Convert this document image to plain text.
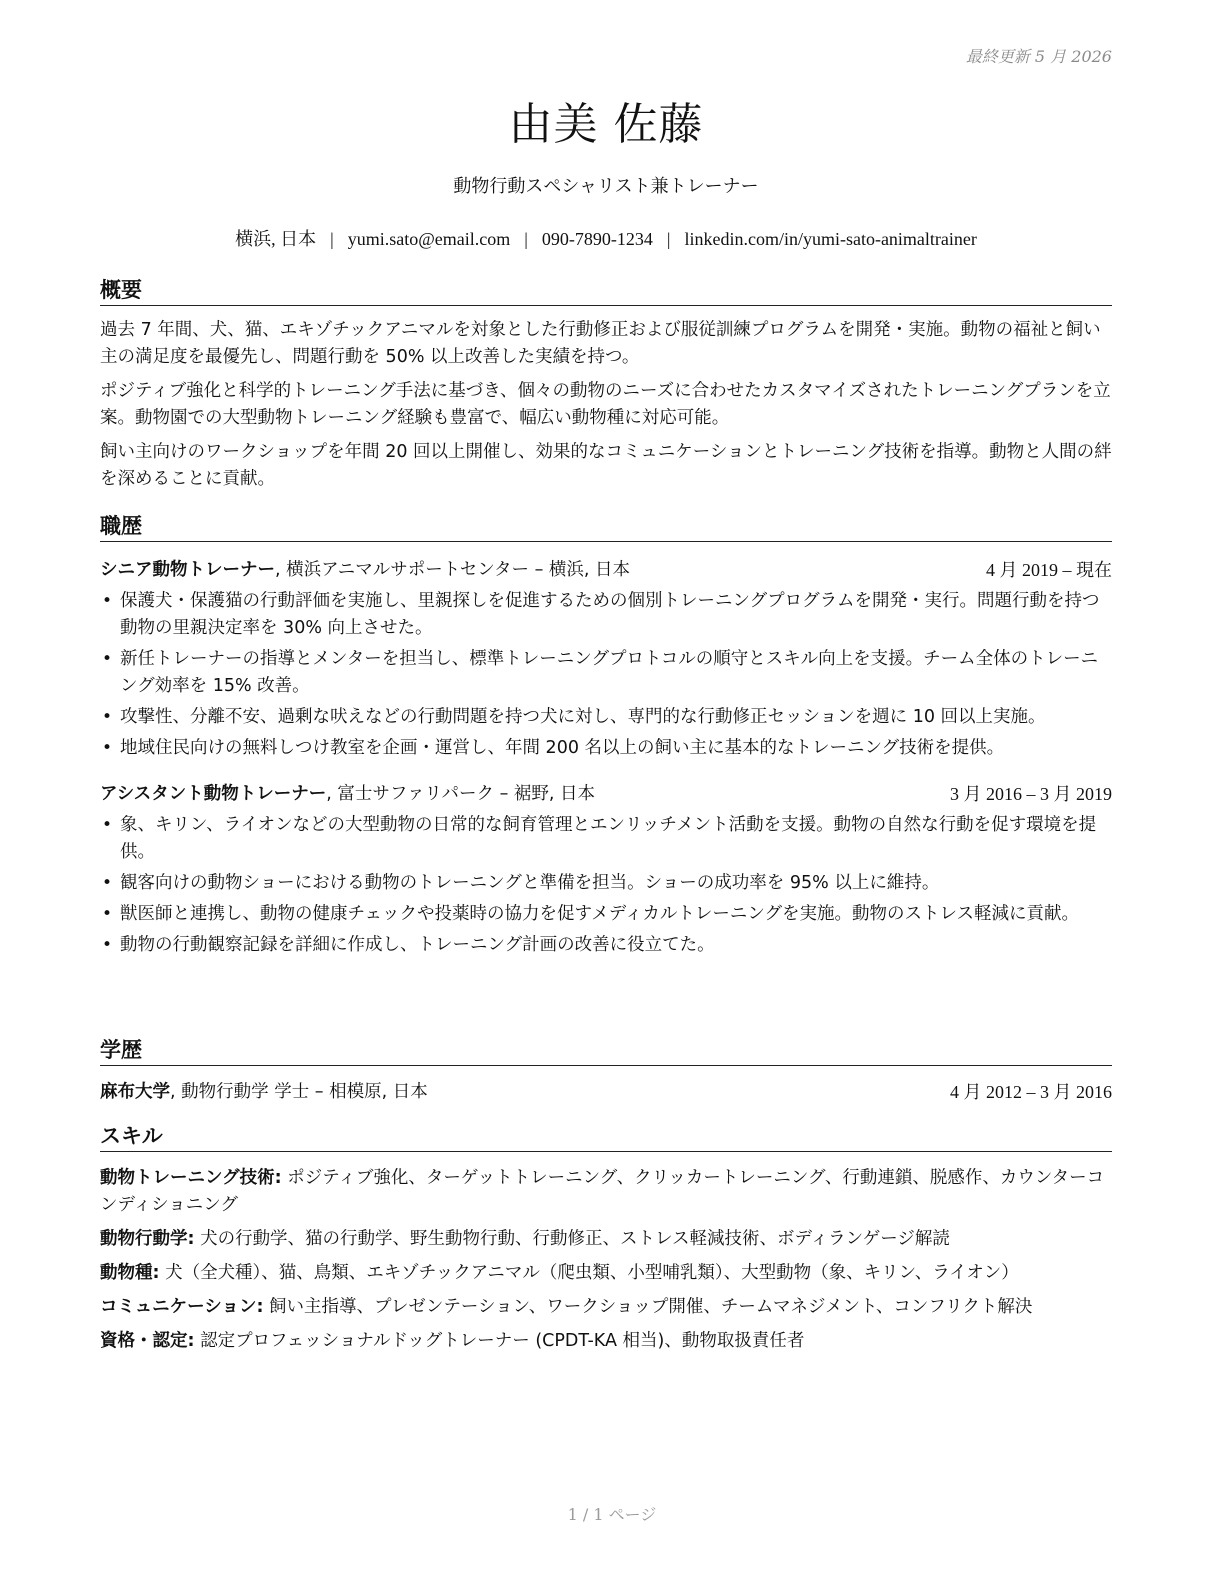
最終更新 5 月 2026
由美 佐藤
動物行動スペシャリスト兼トレーナー
横浜, 日本 | yumi.sato@email.com | 090-7890-1234 | linkedin.com/in/yumi-sato-animaltrainer
概要

過去 7 年間、犬、猫、エキゾチックアニマルを対象とした行動修正および服従訓練プログラムを開発・実施。動物の福祉と飼い主の満足度を最優先し、問題行動を 50% 以上改善した実績を持つ。

ポジティブ強化と科学的トレーニング手法に基づき、個々の動物のニーズに合わせたカスタマイズされたトレーニングプランを立案。動物園での大型動物トレーニング経験も豊富で、幅広い動物種に対応可能。

飼い主向けのワークショップを年間 20 回以上開催し、効果的なコミュニケーションとトレーニング技術を指導。動物と人間の絆を深めることに貢献。

職歴
シニア動物トレーナー, 横浜アニマルサポートセンター – 横浜, 日本	4 月 2019 – 現在
• 保護犬・保護猫の行動評価を実施し、里親探しを促進するための個別トレーニングプログラムを開発・実行。問題行動を持つ動物の里親決定率を 30% 向上させた。
• 新任トレーナーの指導とメンターを担当し、標準トレーニングプロトコルの順守とスキル向上を支援。チーム全体のトレーニング効率を 15% 改善。
• 攻撃性、分離不安、過剰な吠えなどの行動問題を持つ犬に対し、専門的な行動修正セッションを週に 10 回以上実施。
• 地域住民向けの無料しつけ教室を企画・運営し、年間 200 名以上の飼い主に基本的なトレーニング技術を提供。
アシスタント動物トレーナー, 富士サファリパーク – 裾野, 日本	3 月 2016 – 3 月 2019
• 象、キリン、ライオンなどの大型動物の日常的な飼育管理とエンリッチメント活動を支援。動物の自然な行動を促す環境を提供。
• 観客向けの動物ショーにおける動物のトレーニングと準備を担当。ショーの成功率を 95% 以上に維持。
• 獣医師と連携し、動物の健康チェックや投薬時の協力を促すメディカルトレーニングを実施。動物のストレス軽減に貢献。
• 動物の行動観察記録を詳細に作成し、トレーニング計画の改善に役立てた。
学歴
麻布大学, 動物行動学 学士 – 相模原, 日本	4 月 2012 – 3 月 2016
スキル

動物トレーニング技術: ポジティブ強化、ターゲットトレーニング、クリッカートレーニング、行動連鎖、脱感作、カウンターコンディショニング

動物行動学: 犬の行動学、猫の行動学、野生動物行動、行動修正、ストレス軽減技術、ボディランゲージ解読

動物種: 犬（全犬種）、猫、鳥類、エキゾチックアニマル（爬虫類、小型哺乳類）、大型動物（象、キリン、ライオン）

コミュニケーション: 飼い主指導、プレゼンテーション、ワークショップ開催、チームマネジメント、コンフリクト解決

資格・認定: 認定プロフェッショナルドッグトレーナー (CPDT-KA 相当)、動物取扱責任者

1 / 1 ページ
